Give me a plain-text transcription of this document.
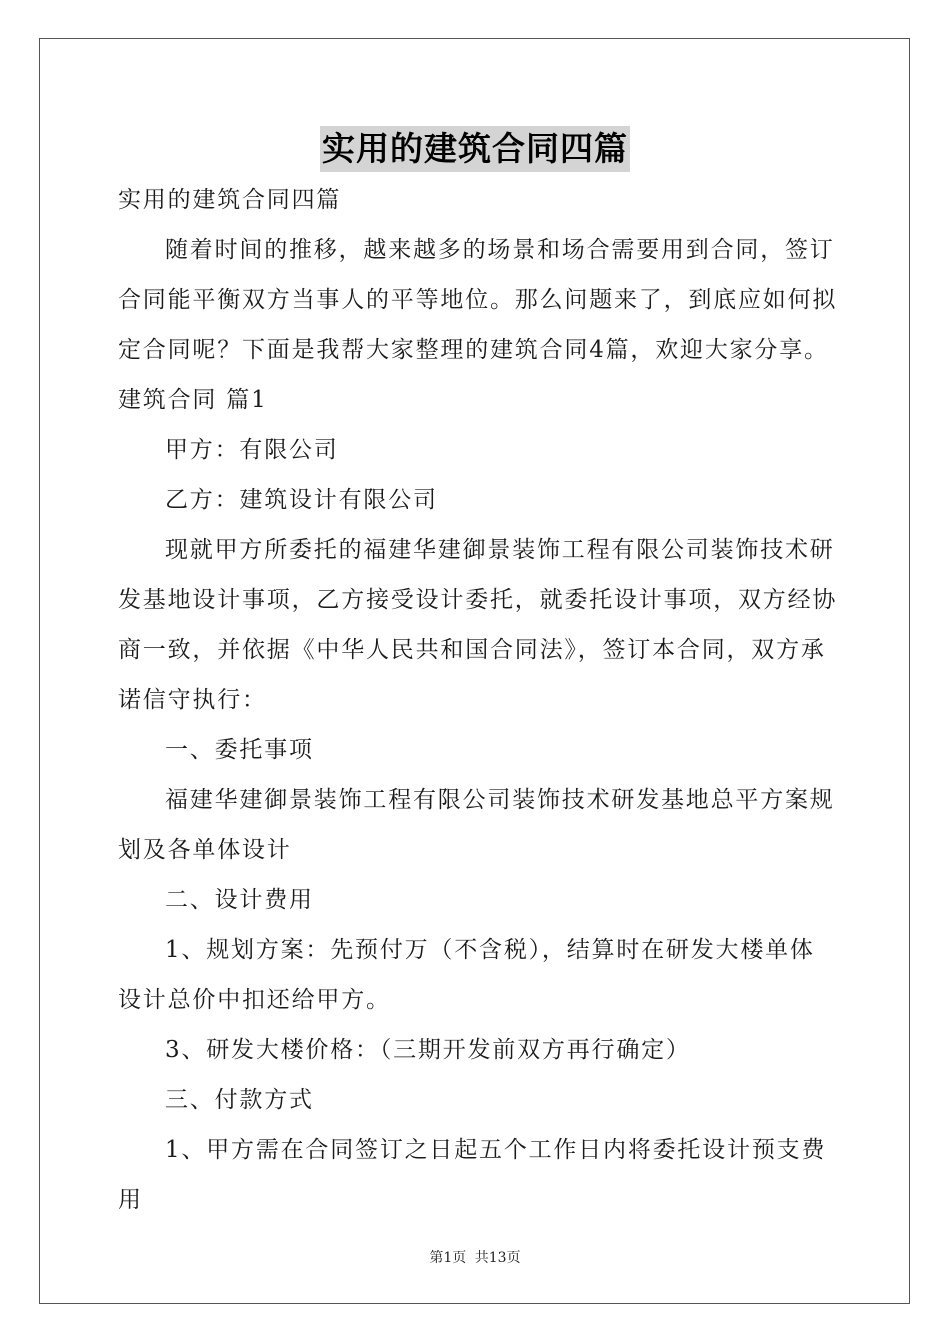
实用的建筑合同四篇

实用的建筑合同四篇

随着时间的推移，越来越多的场景和场合需要用到合同，签订合同能平衡双方当事人的平等地位。那么问题来了，到底应如何拟定合同呢？下面是我帮大家整理的建筑合同4篇，欢迎大家分享。

建筑合同 篇1

甲方：有限公司

乙方：建筑设计有限公司

现就甲方所委托的福建华建御景装饰工程有限公司装饰技术研发基地设计事项，乙方接受设计委托，就委托设计事项，双方经协商一致，并依据《中华人民共和国合同法》，签订本合同，双方承诺信守执行：

一、委托事项

福建华建御景装饰工程有限公司装饰技术研发基地总平方案规划及各单体设计

二、设计费用

1、规划方案：先预付万（不含税），结算时在研发大楼单体设计总价中扣还给甲方。

3、研发大楼价格：（三期开发前双方再行确定）

三、付款方式

1、甲方需在合同签订之日起五个工作日内将委托设计预支费用

第1页 共13页
